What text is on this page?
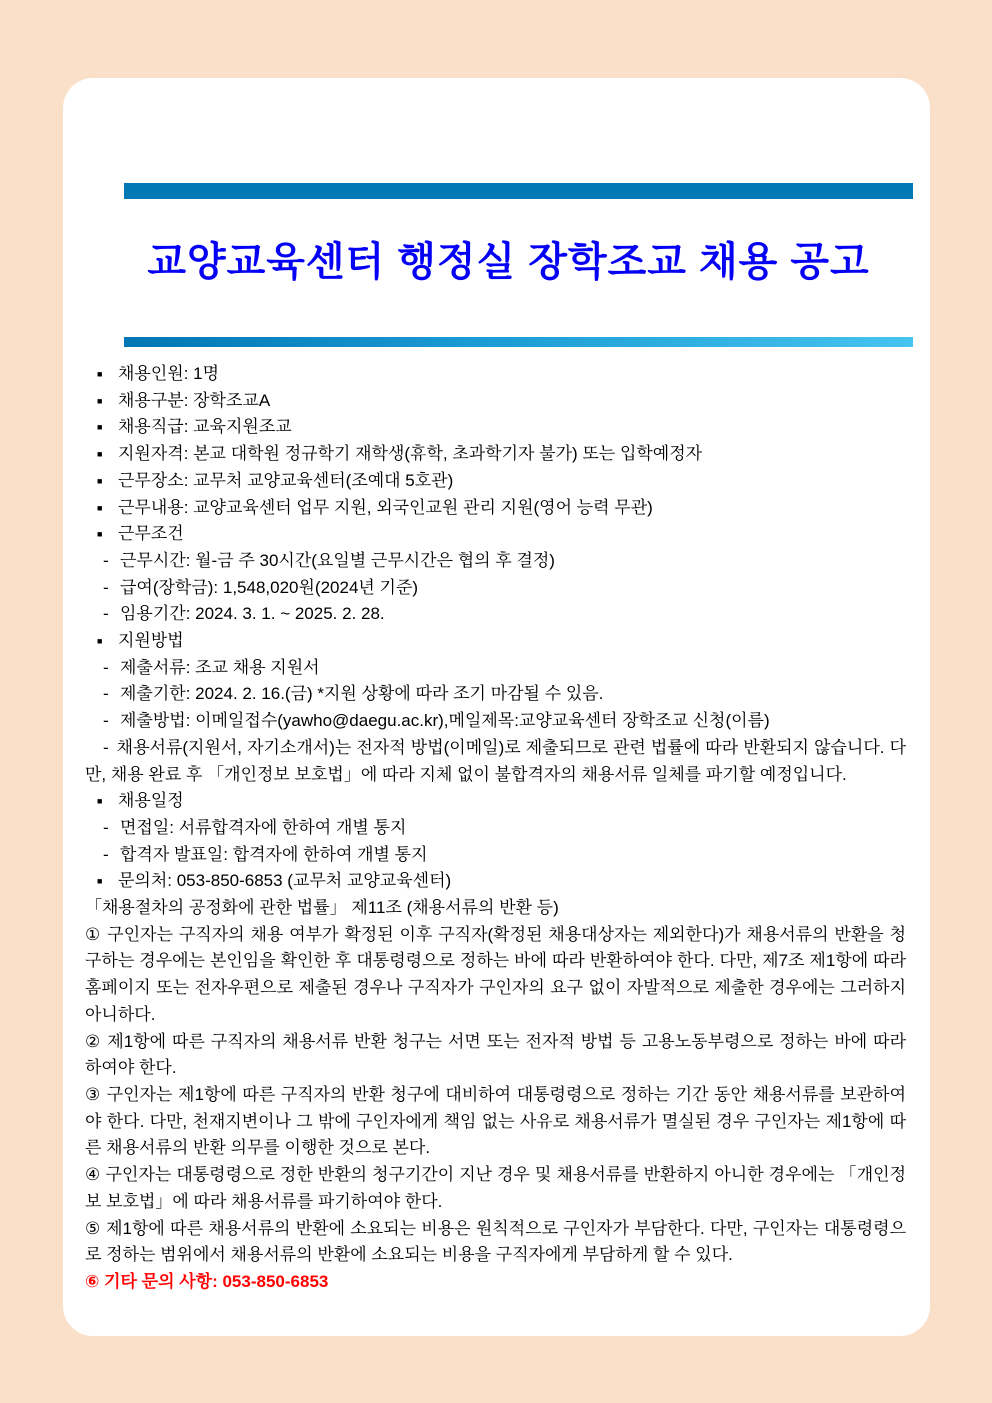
교양교육센터 행정실 장학조교 채용 공고
■ 채용인원: 1명
■ 채용구분: 장학조교A
■ 채용직급: 교육지원조교
■ 지원자격: 본교 대학원 정규학기 재학생(휴학, 초과학기자 불가) 또는 입학예정자
■ 근무장소: 교무처 교양교육센터(조예대 5호관)
■ 근무내용: 교양교육센터 업무 지원, 외국인교원 관리 지원(영어 능력 무관)
■ 근무조건
- 근무시간: 월-금 주 30시간(요일별 근무시간은 협의 후 결정)
- 급여(장학금): 1,548,020원(2024년 기준)
- 임용기간: 2024. 3. 1. ~ 2025. 2. 28.
■ 지원방법
- 제출서류: 조교 채용 지원서
- 제출기한: 2024. 2. 16.(금) *지원 상황에 따라 조기 마감될 수 있음.
- 제출방법: 이메일접수(yawho@daegu.ac.kr),메일제목:교양교육센터 장학조교 신청(이름)

- 채용서류(지원서, 자기소개서)는 전자적 방법(이메일)로 제출되므로 관련 법률에 따라 반환되지 않습니다. 다만, 채용 완료 후 「개인정보 보호법」에 따라 지체 없이 불합격자의 채용서류 일체를 파기할 예정입니다.

■ 채용일정
- 면접일: 서류합격자에 한하여 개별 통지
- 합격자 발표일: 합격자에 한하여 개별 통지
■ 문의처: 053-850-6853 (교무처 교양교육센터)

「채용절차의 공정화에 관한 법률」 제11조 (채용서류의 반환 등)

① 구인자는 구직자의 채용 여부가 확정된 이후 구직자(확정된 채용대상자는 제외한다)가 채용서류의 반환을 청구하는 경우에는 본인임을 확인한 후 대통령령으로 정하는 바에 따라 반환하여야 한다. 다만, 제7조 제1항에 따라 홈페이지 또는 전자우편으로 제출된 경우나 구직자가 구인자의 요구 없이 자발적으로 제출한 경우에는 그러하지 아니하다.

② 제1항에 따른 구직자의 채용서류 반환 청구는 서면 또는 전자적 방법 등 고용노동부령으로 정하는 바에 따라 하여야 한다.

③ 구인자는 제1항에 따른 구직자의 반환 청구에 대비하여 대통령령으로 정하는 기간 동안 채용서류를 보관하여야 한다. 다만, 천재지변이나 그 밖에 구인자에게 책임 없는 사유로 채용서류가 멸실된 경우 구인자는 제1항에 따른 채용서류의 반환 의무를 이행한 것으로 본다.

④ 구인자는 대통령령으로 정한 반환의 청구기간이 지난 경우 및 채용서류를 반환하지 아니한 경우에는 「개인정보 보호법」에 따라 채용서류를 파기하여야 한다.

⑤ 제1항에 따른 채용서류의 반환에 소요되는 비용은 원칙적으로 구인자가 부담한다. 다만, 구인자는 대통령령으로 정하는 범위에서 채용서류의 반환에 소요되는 비용을 구직자에게 부담하게 할 수 있다.

⑥ 기타 문의 사항: 053-850-6853
